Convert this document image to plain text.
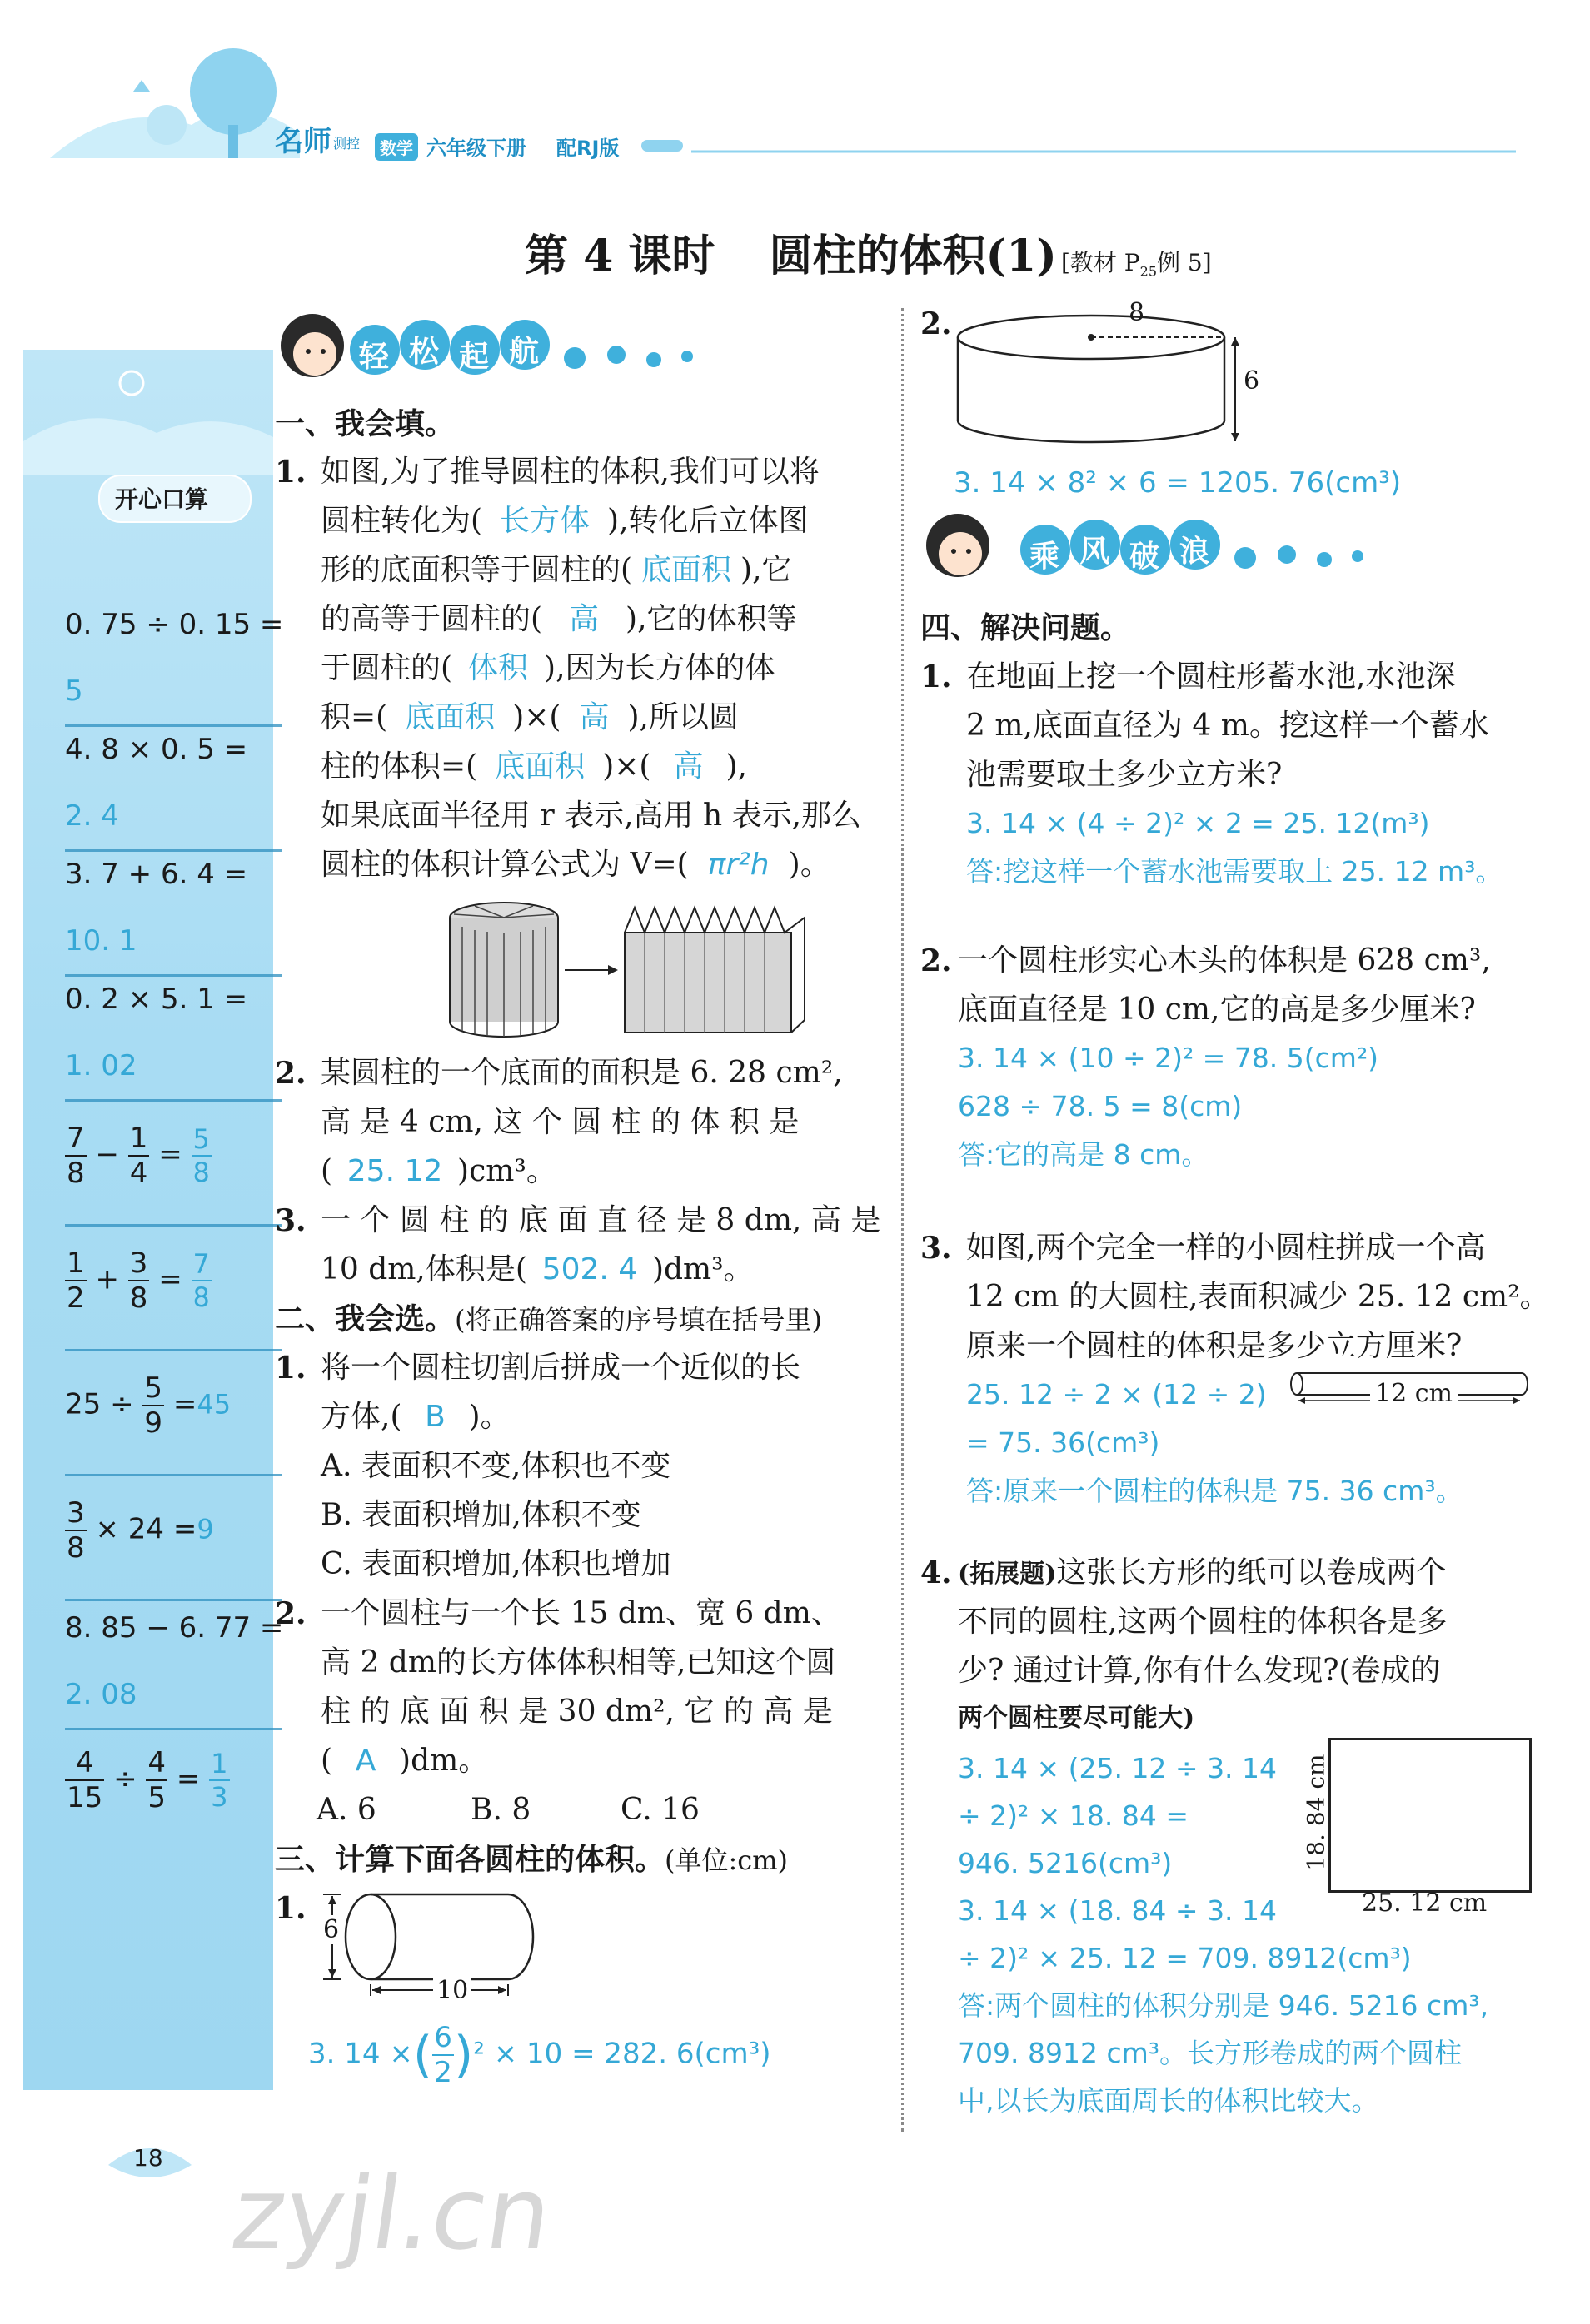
名师 测控	数学 六年级下册 配RJ版
第 4 课时 圆柱的体积(1) [教材 $P_{25}$例 5]
开心口算
0. 75 ÷ 0. 15 =
5
4. 8 × 0. 5 =
2. 4
3. 7 + 6. 4 =
10. 1
0. 2 × 5. 1 =
1. 02
$\frac{7}{8} - \frac{1}{4} = \frac{5}{8}$
$\frac{1}{2} + \frac{3}{8} = \frac{7}{8}$
$25 \div \frac{5}{9} =45$
$\frac{3}{8} \times 24 =9$
8. 85 − 6. 77 =
2. 08
$\frac{4}{15} \div \frac{4}{5} = \frac{1}{3}$
轻 松 起 航
一、我会填。
1. 如图,为了推导圆柱的体积,我们可以将
圆柱转化为( 长方体 ),转化后立体图
形的底面积等于圆柱的( 底面积 ),它
的高等于圆柱的( 高 ),它的体积等
于圆柱的( 体积 ),因为长方体的体
积=( 底面积 )×( 高 ),所以圆
柱的体积=( 底面积 )×( 高 ),
如果底面半径用 r 表示,高用 h 表示,那么
圆柱的体积计算公式为 V=( πr²h )。
2. 某圆柱的一个底面的面积是 6. 28 cm²,
高 是 4 cm, 这 个 圆 柱 的 体 积 是
( 25. 12 )cm³。
3. 一 个 圆 柱 的 底 面 直 径 是 8 dm, 高 是
10 dm,体积是( 502. 4 )dm³。
二、我会选。(将正确答案的序号填在括号里)
1. 将一个圆柱切割后拼成一个近似的长
方体,( B )。
A. 表面积不变,体积也不变
B. 表面积增加,体积不变
C. 表面积增加,体积也增加
2. 一个圆柱与一个长 15 dm、宽 6 dm、
高 2 dm的长方体体积相等,已知这个圆
柱 的 底 面 积 是 30 dm², 它 的 高 是
( A )dm。
A. 6	B. 8	C. 16
三、计算下面各圆柱的体积。(单位:cm)
1.
6
10
3. 14 ×( $\frac{6}{2} )^2 \times 10 = 282$. 6(cm³)
2.	8
6
3. 14 × 8² × 6 = 1205. 76(cm³)
乘 风 破 浪
四、解决问题。
1. 在地面上挖一个圆柱形蓄水池,水池深
2 m,底面直径为 4 m。挖这样一个蓄水
池需要取土多少立方米?
3. 14 × (4 ÷ 2)² × 2 = 25. 12(m³)
答:挖这样一个蓄水池需要取土 25. 12 m³。
2. 一个圆柱形实心木头的体积是 628 cm³,
底面直径是 10 cm,它的高是多少厘米?
3. 14 × (10 ÷ 2)² = 78. 5(cm²)
628 ÷ 78. 5 = 8(cm)
答:它的高是 8 cm。
3. 如图,两个完全一样的小圆柱拼成一个高
12 cm 的大圆柱,表面积减少 25. 12 cm²。
原来一个圆柱的体积是多少立方厘米?
25. 12 ÷ 2 × (12 ÷ 2)
= 75. 36(cm³)
答:原来一个圆柱的体积是 75. 36 cm³。
12 cm
4. (拓展题)这张长方形的纸可以卷成两个
不同的圆柱,这两个圆柱的体积各是多
少? 通过计算,你有什么发现?(卷成的
两个圆柱要尽可能大)
3. 14 × (25. 12 ÷ 3. 14
÷ 2)² × 18. 84 =
946. 5216(cm³)
3. 14 × (18. 84 ÷ 3. 14
÷ 2)² × 25. 12 = 709. 8912(cm³)
答:两个圆柱的体积分别是 946. 5216 cm³,
709. 8912 cm³。长方形卷成的两个圆柱
中,以长为底面周长的体积比较大。
25. 12 cm
18. 84 cm
18 zyjl.cn
